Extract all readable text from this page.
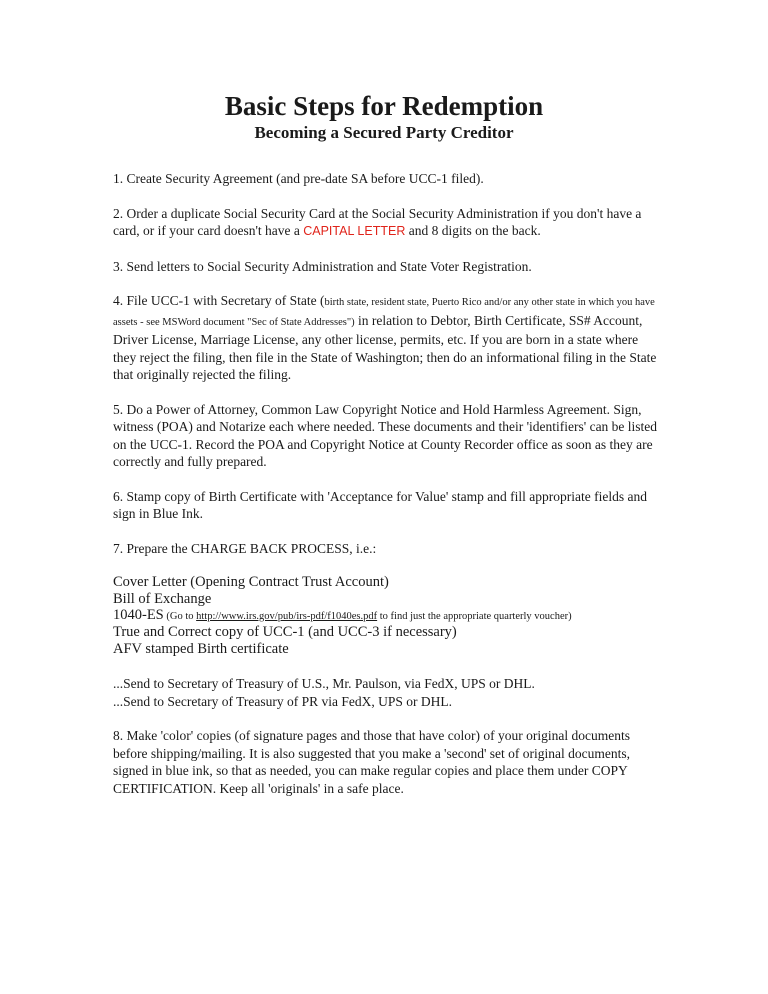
Basic Steps for Redemption
Becoming a Secured Party Creditor

1. Create Security Agreement (and pre-date SA before UCC-1 filed).

2. Order a duplicate Social Security Card at the Social Security Administration if you don't have a card, or if your card doesn't have a CAPITAL LETTER and 8 digits on the back.

3. Send letters to Social Security Administration and State Voter Registration.

4. File UCC-1 with Secretary of State (birth state, resident state, Puerto Rico and/or any other state in which you have assets - see MSWord document "Sec of State Addresses") in relation to Debtor, Birth Certificate, SS# Account, Driver License, Marriage License, any other license, permits, etc. If you are born in a state where they reject the filing, then file in the State of Washington; then do an informational filing in the State that originally rejected the filing.

5. Do a Power of Attorney, Common Law Copyright Notice and Hold Harmless Agreement. Sign, witness (POA) and Notarize each where needed. These documents and their 'identifiers' can be listed on the UCC-1. Record the POA and Copyright Notice at County Recorder office as soon as they are correctly and fully prepared.

6. Stamp copy of Birth Certificate with 'Acceptance for Value' stamp and fill appropriate fields and sign in Blue Ink.

7. Prepare the CHARGE BACK PROCESS, i.e.:

Cover Letter (Opening Contract Trust Account)

Bill of Exchange

1040-ES (Go to http://www.irs.gov/pub/irs-pdf/f1040es.pdf to find just the appropriate quarterly voucher)

True and Correct copy of UCC-1 (and UCC-3 if necessary)

AFV stamped Birth certificate

...Send to Secretary of Treasury of U.S., Mr. Paulson, via FedX, UPS or DHL.

...Send to Secretary of Treasury of PR via FedX, UPS or DHL.

8. Make 'color' copies (of signature pages and those that have color) of your original documents before shipping/mailing. It is also suggested that you make a 'second' set of original documents, signed in blue ink, so that as needed, you can make regular copies and place them under COPY CERTIFICATION. Keep all 'originals' in a safe place.
